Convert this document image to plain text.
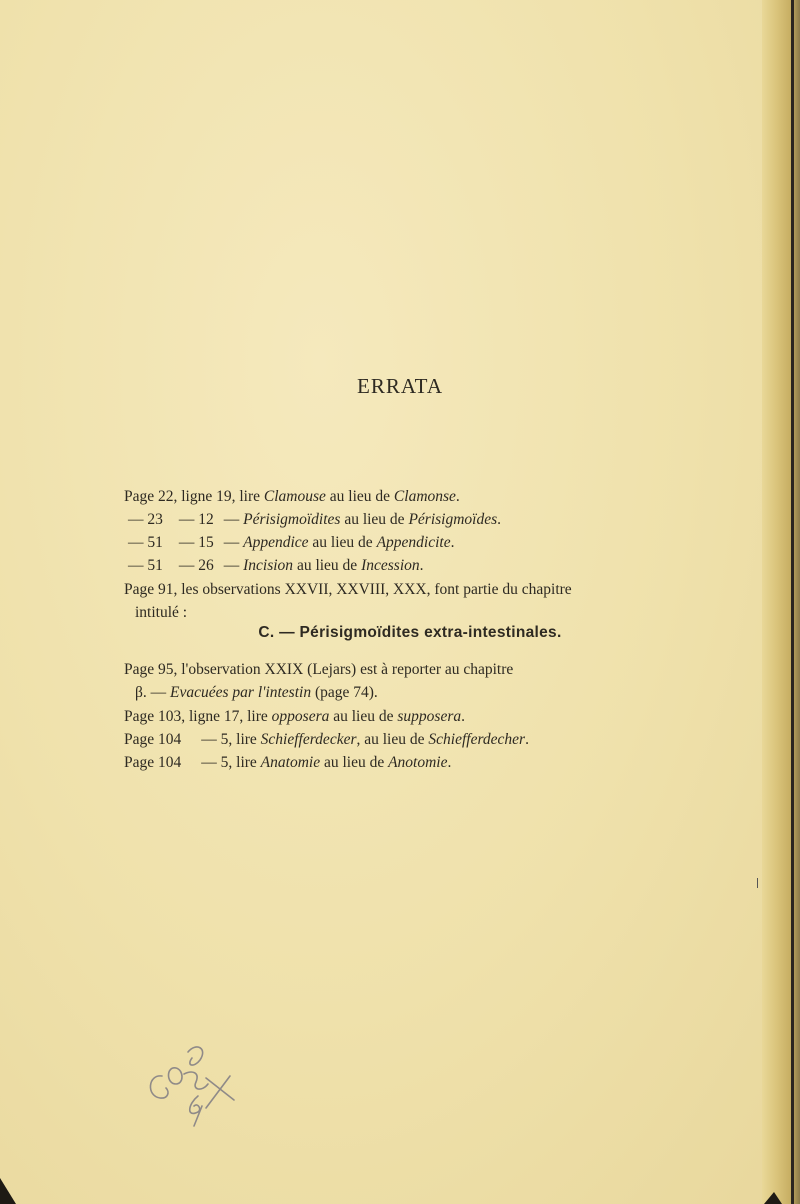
ERRATA
Page 22, ligne 19, lire Clamouse au lieu de Clamonse.
— 23 — 12 — Périsigmoïdites au lieu de Périsigmoïdes.
— 51 — 15 — Appendice au lieu de Appendicite.
— 51 — 26 — Incision au lieu de Incession.
Page 91, les observations XXVII, XXVIII, XXX, font partie du chapitre
intitulé :
C. — Périsigmoïdites extra-intestinales.
Page 95, l'observation XXIX (Lejars) est à reporter au chapitre
β. — Evacuées par l'intestin (page 74).
Page 103, ligne 17, lire opposera au lieu de supposera.
Page 104 — 5, lire Schiefferdecker, au lieu de Schiefferdecher.
Page 104 — 5, lire Anatomie au lieu de Anotomie.
